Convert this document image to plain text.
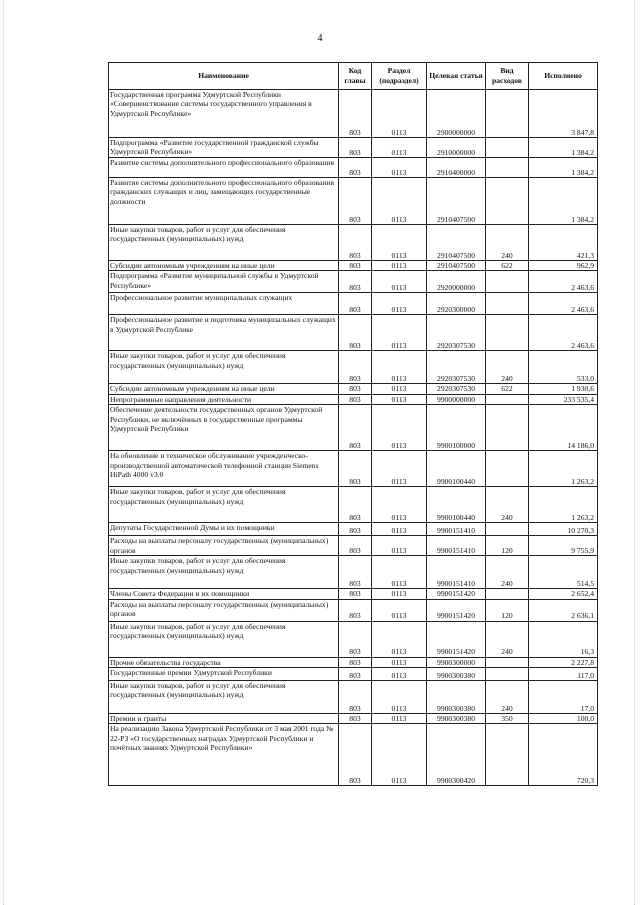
4
Наименование	Код главы	Раздел (подраздел)	Целевая статья	Вид расходов	Исполнено
Государственная программа Удмуртской Республики «Совершенствование системы государственного управления в Удмуртской Республике»	803	0113	2900000000		3 847,8
Подпрограмма «Развитие государственной гражданской службы Удмуртской Республики»	803	0113	2910000000		1 384,2
Развитие системы дополнительного профессионального образования	803	0113	2910400000		1 384,2
Развитие системы дополнительного профессионального образования гражданских служащих и лиц, замещающих государственные должности	803	0113	2910407500		1 384,2
Иные закупки товаров, работ и услуг для обеспечения государственных (муниципальных) нужд	803	0113	2910407500	240	421,3
Субсидии автономным учреждениям на иные цели	803	0113	2910407500	622	962,9
Подпрограмма «Развитие муниципальной службы в Удмуртской Республике»	803	0113	2920000000		2 463,6
Профессиональное развитие муниципальных служащих	803	0113	2920300000		2 463,6
Профессиональное развитие и подготовка муниципальных служащих в Удмуртской Республике	803	0113	2920307530		2 463,6
Иные закупки товаров, работ и услуг для обеспечения государственных (муниципальных) нужд	803	0113	2920307530	240	533,0
Субсидии автономным учреждениям на иные цели	803	0113	2920307530	622	1 930,6
Непрограммные направления деятельности	803	0113	9900000000		233 535,4
Обеспечение деятельности государственных органов Удмуртской Республики, не включённых в государственные программы Удмуртской Республики	803	0113	9900100000		14 186,0
На обновление и техническое обслуживание учрежденческо-производственной автоматической телефонной станции Siemens HiPath 4000 v3.0	803	0113	9900100440		1 263,2
Иные закупки товаров, работ и услуг для обеспечения государственных (муниципальных) нужд	803	0113	9900100440	240	1 263,2
Депутаты Государственной Думы и их помощники	803	0113	9900151410		10 270,3
Расходы на выплаты персоналу государственных (муниципальных) органов	803	0113	9900151410	120	9 755,9
Иные закупки товаров, работ и услуг для обеспечения государственных (муниципальных) нужд	803	0113	9900151410	240	514,5
Члены Совета Федерации и их помощники	803	0113	9900151420		2 652,4
Расходы на выплаты персоналу государственных (муниципальных) органов	803	0113	9900151420	120	2 636,1
Иные закупки товаров, работ и услуг для обеспечения государственных (муниципальных) нужд	803	0113	9900151420	240	16,3
Прочие обязательства государства	803	0113	9900300000		2 227,8
Государственные премии Удмуртской Республики	803	0113	9900300380		117,0
Иные закупки товаров, работ и услуг для обеспечения государственных (муниципальных) нужд	803	0113	9900300380	240	17,0
Премии и гранты	803	0113	9900300380	350	100,0
На реализацию Закона Удмуртской Республики от 3 мая 2001 года № 22-РЗ «О государственных наградах Удмуртской Республики и почётных званиях Удмуртской Республики»	803	0113	9900300420		720,3
